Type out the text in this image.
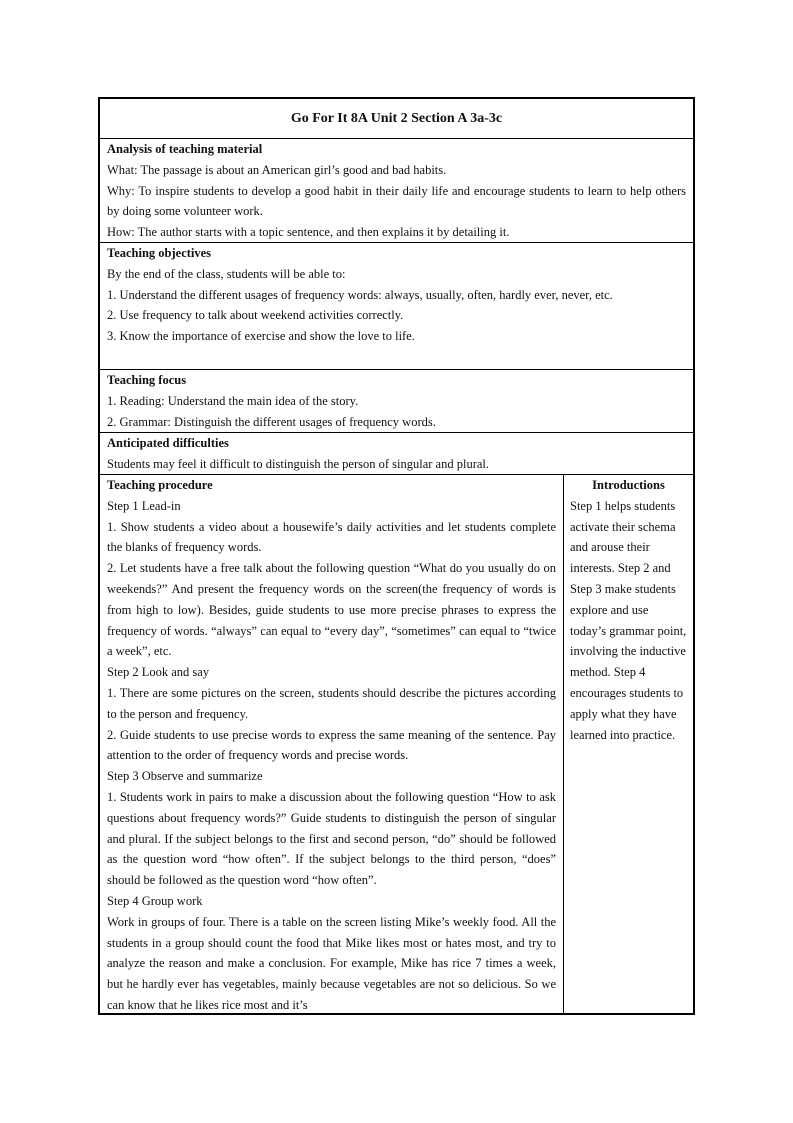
Go For It 8A Unit 2 Section A 3a-3c

Analysis of teaching material

What: The passage is about an American girl’s good and bad habits.

Why: To inspire students to develop a good habit in their daily life and encourage students to learn to help others by doing some volunteer work.

How: The author starts with a topic sentence, and then explains it by detailing it.

Teaching objectives

By the end of the class, students will be able to:

1. Understand the different usages of frequency words: always, usually, often, hardly ever, never, etc.

2. Use frequency to talk about weekend activities correctly.

3. Know the importance of exercise and show the love to life.

Teaching focus

1. Reading: Understand the main idea of the story.

2. Grammar: Distinguish the different usages of frequency words.

Anticipated difficulties

Students may feel it difficult to distinguish the person of singular and plural.

Teaching procedure

Step 1 Lead-in

1. Show students a video about a housewife’s daily activities and let students complete the blanks of frequency words.

2. Let students have a free talk about the following question “What do you usually do on weekends?” And present the frequency words on the screen(the frequency of words is from high to low). Besides, guide students to use more precise phrases to express the frequency of words. “always” can equal to “every day”, “sometimes” can equal to “twice a week”, etc.

Step 2 Look and say

1. There are some pictures on the screen, students should describe the pictures according to the person and frequency.

2. Guide students to use precise words to express the same meaning of the sentence. Pay attention to the order of frequency words and precise words.

Step 3 Observe and summarize

1. Students work in pairs to make a discussion about the following question “How to ask questions about frequency words?” Guide students to distinguish the person of singular and plural. If the subject belongs to the first and second person, “do” should be followed as the question word “how often”. If the subject belongs to the third person, “does” should be followed as the question word “how often”.

Step 4 Group work

Work in groups of four. There is a table on the screen listing Mike’s weekly food. All the students in a group should count the food that Mike likes most or hates most, and try to analyze the reason and make a conclusion. For example, Mike has rice 7 times a week, but he hardly ever has vegetables, mainly because vegetables are not so delicious. So we can know that he likes rice most and it’s

Introductions

Step 1 helps students activate their schema and arouse their interests. Step 2 and Step 3 make students explore and use today’s grammar point, involving the inductive method. Step 4 encourages students to apply what they have learned into practice.
